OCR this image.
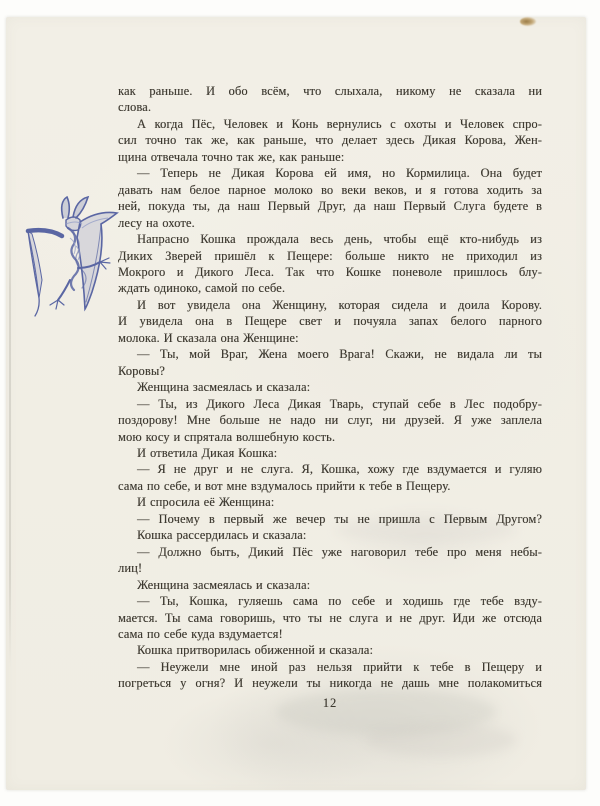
как раньше. И обо всём, что слыхала, никому не сказала ни
слова.
А когда Пёс, Человек и Конь вернулись с охоты и Человек спро-
сил точно так же, как раньше, что делает здесь Дикая Корова, Жен-
щина отвечала точно так же, как раньше:
— Теперь не Дикая Корова ей имя, но Кормилица. Она будет
давать нам белое парное молоко во веки веков, и я готова ходить за
ней, покуда ты, да наш Первый Друг, да наш Первый Слуга будете в
лесу на охоте.
Напрасно Кошка прождала весь день, чтобы ещё кто-нибудь из
Диких Зверей пришёл к Пещере: больше никто не приходил из
Мокрого и Дикого Леса. Так что Кошке поневоле пришлось блу-
ждать одиноко, самой по себе.
И вот увидела она Женщину, которая сидела и доила Корову.
И увидела она в Пещере свет и почуяла запах белого парного
молока. И сказала она Женщине:
— Ты, мой Враг, Жена моего Врага! Скажи, не видала ли ты
Коровы?
Женщина засмеялась и сказала:
— Ты, из Дикого Леса Дикая Тварь, ступай себе в Лес подобру-
поздорову! Мне больше не надо ни слуг, ни друзей. Я уже заплела
мою косу и спрятала волшебную кость.
И ответила Дикая Кошка:
— Я не друг и не слуга. Я, Кошка, хожу где вздумается и гуляю
сама по себе, и вот мне вздумалось прийти к тебе в Пещеру.
И спросила её Женщина:
— Почему в первый же вечер ты не пришла с Первым Другом?
Кошка рассердилась и сказала:
— Должно быть, Дикий Пёс уже наговорил тебе про меня небы-
лиц!
Женщина засмеялась и сказала:
— Ты, Кошка, гуляешь сама по себе и ходишь где тебе взду-
мается. Ты сама говоришь, что ты не слуга и не друг. Иди же отсюда
сама по себе куда вздумается!
Кошка притворилась обиженной и сказала:
— Неужели мне иной раз нельзя прийти к тебе в Пещеру и
погреться у огня? И неужели ты никогда не дашь мне полакомиться
12
